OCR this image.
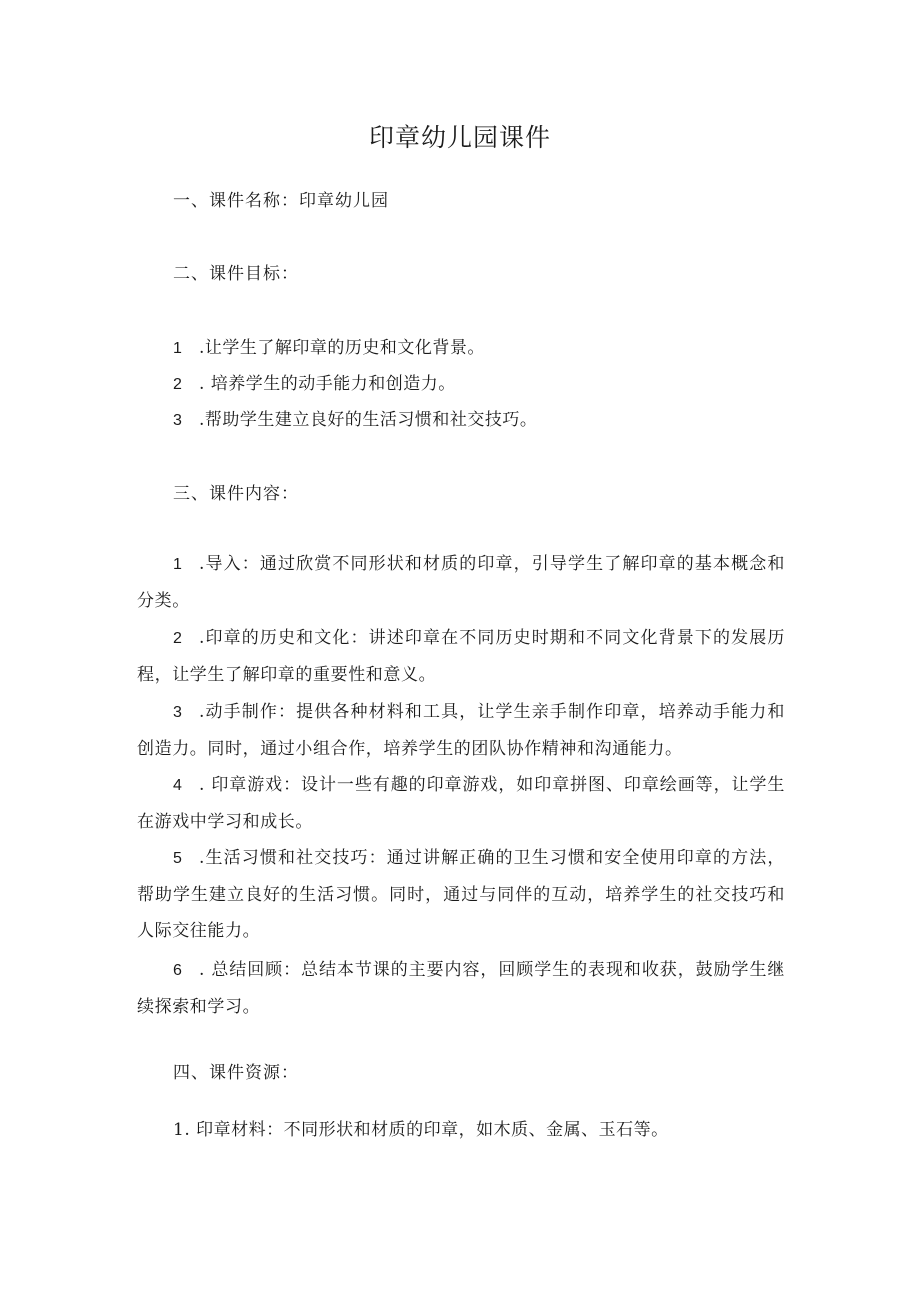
印章幼儿园课件
一、课件名称：印章幼儿园
二、课件目标：
1 .让学生了解印章的历史和文化背景。
2 . 培养学生的动手能力和创造力。
3 .帮助学生建立良好的生活习惯和社交技巧。
三、课件内容：
1 .导入：通过欣赏不同形状和材质的印章，引导学生了解印章的基本概念和分类。
2 .印章的历史和文化：讲述印章在不同历史时期和不同文化背景下的发展历程，让学生了解印章的重要性和意义。
3 .动手制作：提供各种材料和工具，让学生亲手制作印章，培养动手能力和创造力。同时，通过小组合作，培养学生的团队协作精神和沟通能力。
4 . 印章游戏：设计一些有趣的印章游戏，如印章拼图、印章绘画等，让学生在游戏中学习和成长。
5 .生活习惯和社交技巧：通过讲解正确的卫生习惯和安全使用印章的方法，帮助学生建立良好的生活习惯。同时，通过与同伴的互动，培养学生的社交技巧和人际交往能力。
6 . 总结回顾：总结本节课的主要内容，回顾学生的表现和收获，鼓励学生继续探索和学习。
四、课件资源：
1. 印章材料：不同形状和材质的印章，如木质、金属、玉石等。
